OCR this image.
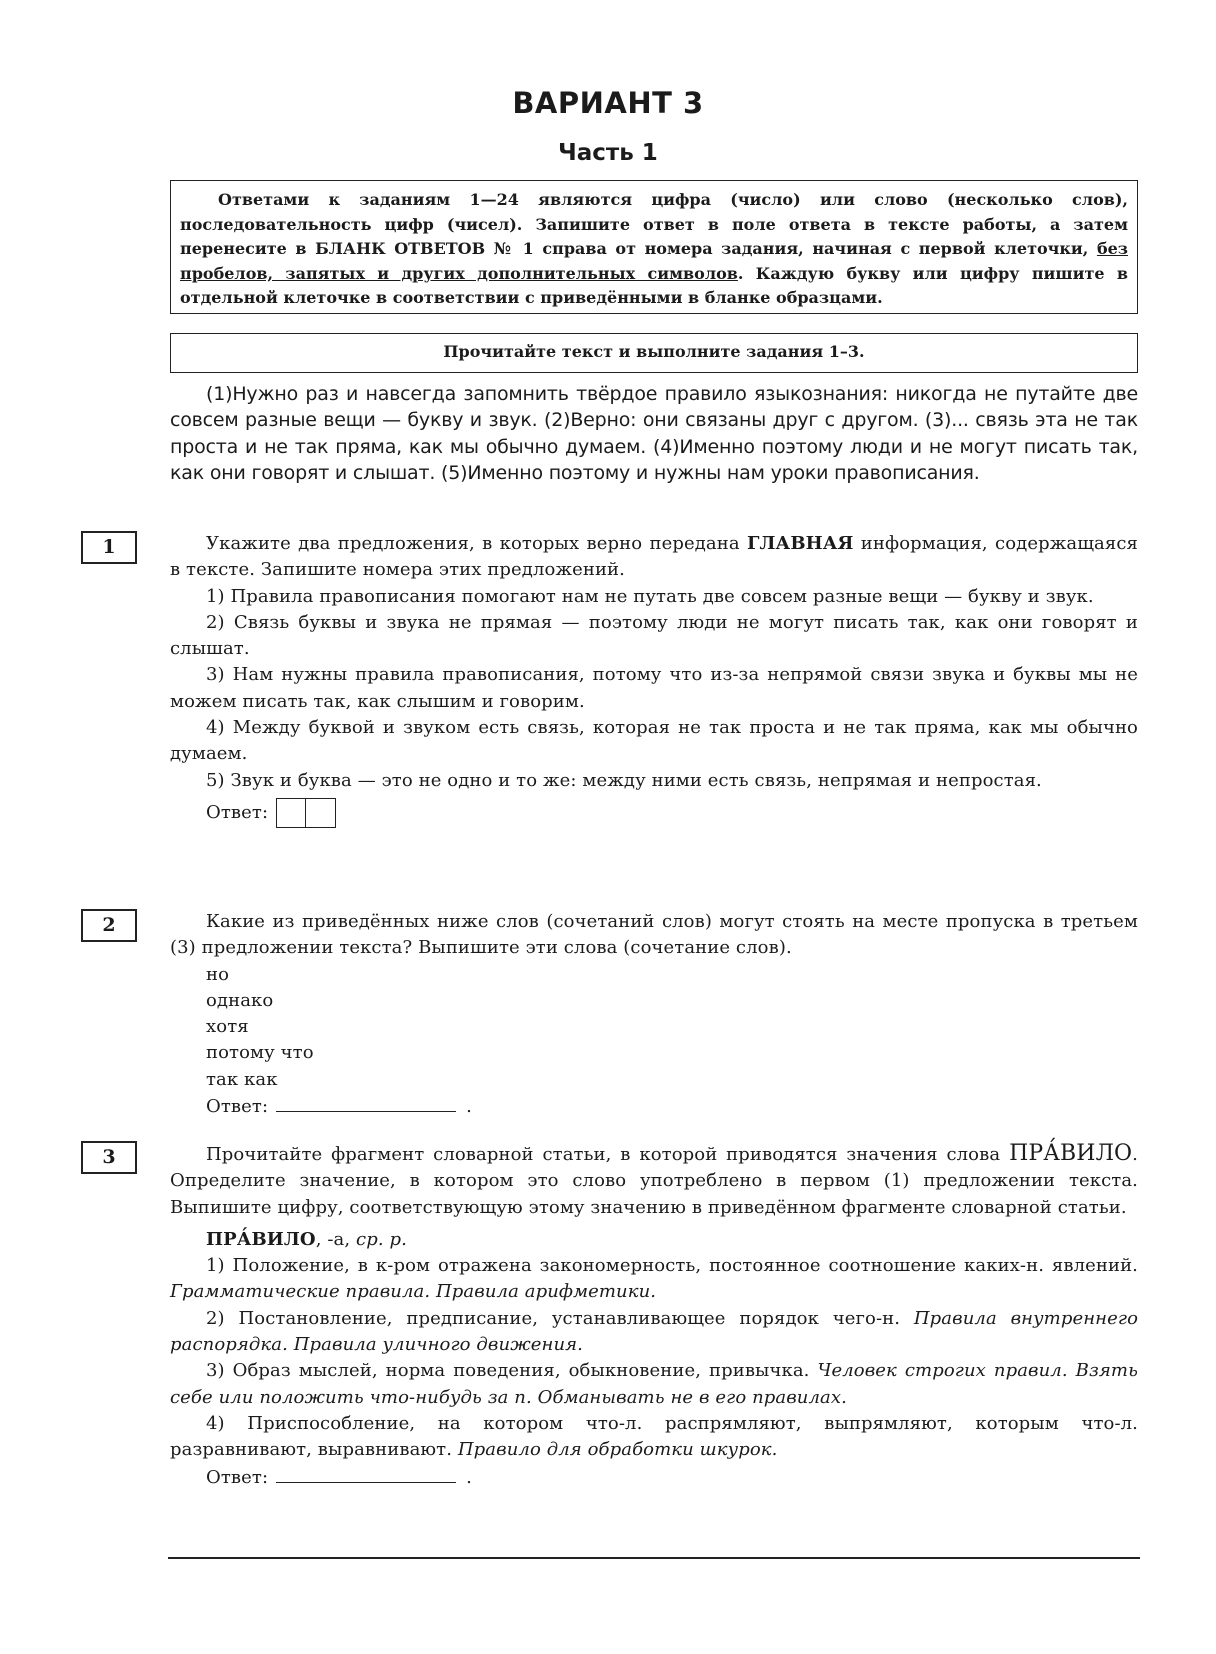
ВАРИАНТ 3
Часть 1
Ответами к заданиям 1—24 являются цифра (число) или слово (несколько слов), последовательность цифр (чисел). Запишите ответ в поле ответа в тексте работы, а затем перенесите в БЛАНК ОТВЕТОВ № 1 справа от номера задания, начиная с первой клеточки, без пробелов, запятых и других дополнительных символов. Каждую букву или цифру пишите в отдельной клеточке в соответствии с приведёнными в бланке образцами.
Прочитайте текст и выполните задания 1–3.

(1)Нужно раз и навсегда запомнить твёрдое правило языкознания: никогда не путайте две совсем разные вещи — букву и звук. (2)Верно: они связаны друг с другом. (3)... связь эта не так проста и не так пряма, как мы обычно думаем. (4)Именно поэтому люди и не могут писать так, как они говорят и слышат. (5)Именно поэтому и нужны нам уроки правописания.

1	Укажите два предложения, в которых верно передана ГЛАВНАЯ информация, содержащаяся в тексте. Запишите номера этих предложений.

1) Правила правописания помогают нам не путать две совсем разные вещи — букву и звук.

2) Связь буквы и звука не прямая — поэтому люди не могут писать так, как они говорят и слышат.

3) Нам нужны правила правописания, потому что из-за непрямой связи звука и буквы мы не можем писать так, как слышим и говорим.

4) Между буквой и звуком есть связь, которая не так проста и не так пряма, как мы обычно думаем.

5) Звук и буква — это не одно и то же: между ними есть связь, непрямая и непростая.

Ответ:

2	Какие из приведённых ниже слов (сочетаний слов) могут стоять на месте пропуска в третьем (3) предложении текста? Выпишите эти слова (сочетание слов).

но

однако

хотя

потому что

так как

Ответ:	.

3	Прочитайте фрагмент словарной статьи, в которой приводятся значения слова ПРА́ВИЛО. Определите значение, в котором это слово употреблено в первом (1) предложении текста. Выпишите цифру, соответствующую этому значению в приведённом фрагменте словарной статьи.

ПРА́ВИЛО, -а, ср. р.

1) Положение, в к-ром отражена закономерность, постоянное соотношение каких-н. явлений. Грамматические правила. Правила арифметики.

2) Постановление, предписание, устанавливающее порядок чего-н. Правила внутреннего распорядка. Правила уличного движения.

3) Образ мыслей, норма поведения, обыкновение, привычка. Человек строгих правил. Взять себе или положить что-нибудь за п. Обманывать не в его правилах.

4) Приспособление, на котором что-л. распрямляют, выпрямляют, которым что-л. разравнивают, выравнивают. Правило для обработки шкурок.

Ответ:	.
